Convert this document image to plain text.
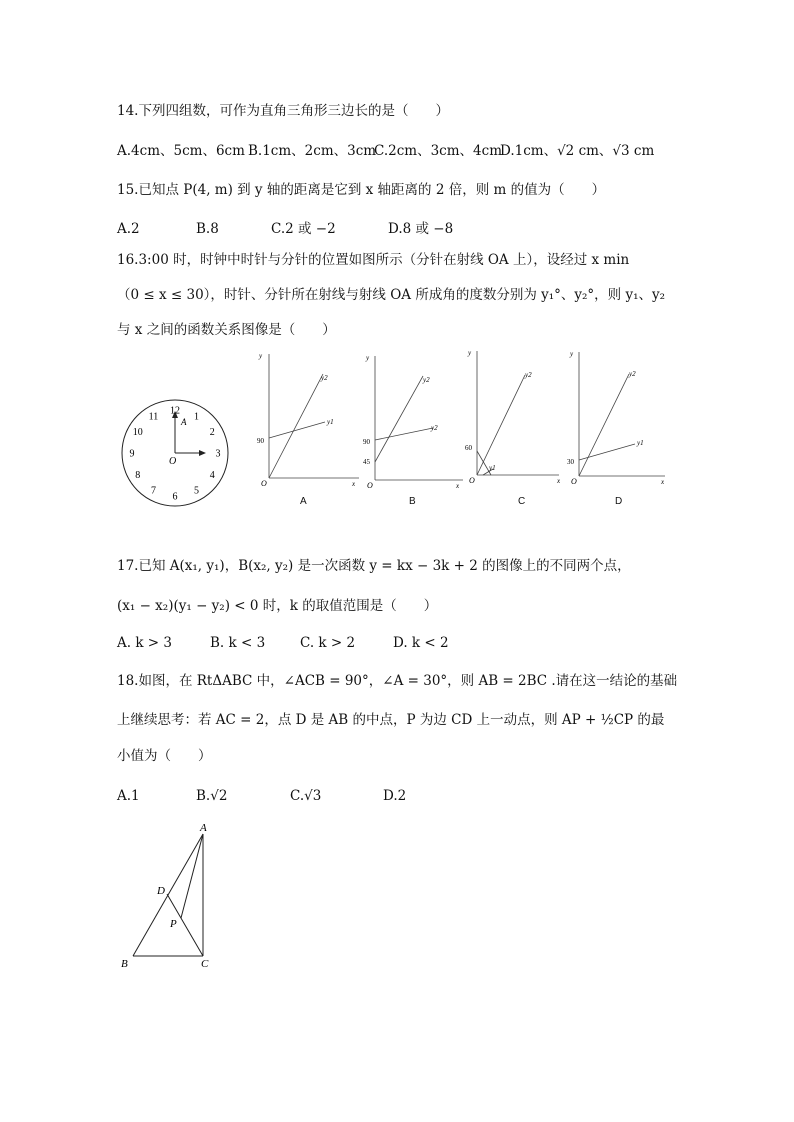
14.下列四组数，可作为直角三角形三边长的是（　　）
A.4cm、5cm、6cm B.1cm、2cm、3cm
C.2cm、3cm、4cm
D.1cm、√2 cm、√3 cm
15.已知点 P(4, m) 到 y 轴的距离是它到 x 轴距离的 2 倍，则 m 的值为（　　）
A.2	B.8	C.2 或 −2	D.8 或 −8
16.3:00 时，时钟中时针与分针的位置如图所示（分针在射线 OA 上），设经过 x min
（0 ≤ x ≤ 30），时针、分针所在射线与射线 OA 所成角的度数分别为 y₁°、y₂°，则 y₁、y₂
与 x 之间的函数关系图像是（　　）
12
1
2
3
4
5
6
7
8
9
10
11	A
O
y
x
O
90
y2
y1
A
y
x
O
90
45
y2
y2
B
y
x
O
60
y2
y1
C
y
x
O
30
y2
y1
D
17.已知 A(x₁, y₁)，B(x₂, y₂) 是一次函数 y = kx − 3k + 2 的图像上的不同两个点，
(x₁ − x₂)(y₁ − y₂) < 0 时，k 的取值范围是（　　）
A. k > 3	B. k < 3	C. k > 2	D. k < 2
18.如图，在 RtΔABC 中，∠ACB = 90°，∠A = 30°，则 AB = 2BC .请在这一结论的基础
上继续思考：若 AC = 2，点 D 是 AB 的中点，P 为边 CD 上一动点，则 AP + ½CP 的最
小值为（　　）
A.1	B.√2	C.√3	D.2
A
B	C
D
P
